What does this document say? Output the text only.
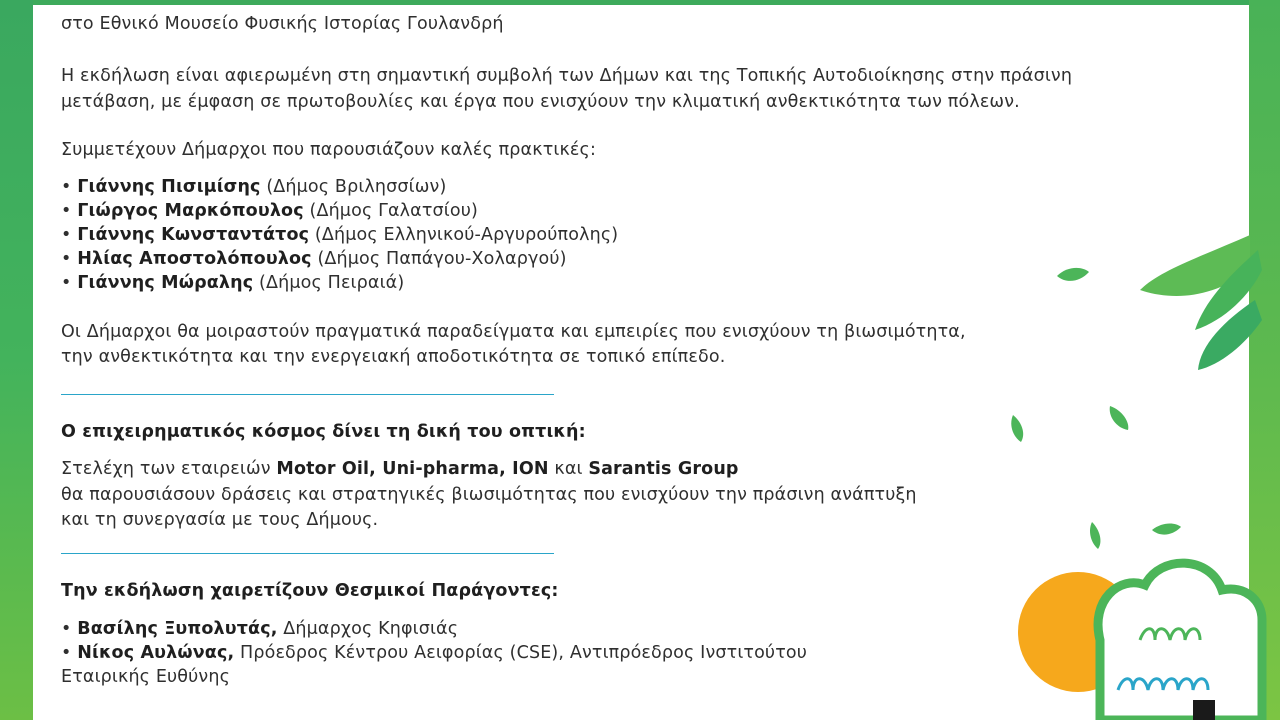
στο Εθνικό Μουσείο Φυσικής Ιστορίας Γουλανδρή
Η εκδήλωση είναι αφιερωμένη στη σημαντική συμβολή των Δήμων και της Τοπικής Αυτοδιοίκησης στην πράσινη
μετάβαση, με έμφαση σε πρωτοβουλίες και έργα που ενισχύουν την κλιματική ανθεκτικότητα των πόλεων.
Συμμετέχουν Δήμαρχοι που παρουσιάζουν καλές πρακτικές:
• Γιάννης Πισιμίσης (Δήμος Βριλησσίων)
• Γιώργος Μαρκόπουλος (Δήμος Γαλατσίου)
• Γιάννης Κωνσταντάτος (Δήμος Ελληνικού-Αργυρούπολης)
• Ηλίας Αποστολόπουλος (Δήμος Παπάγου-Χολαργού)
• Γιάννης Μώραλης (Δήμος Πειραιά)
Οι Δήμαρχοι θα μοιραστούν πραγματικά παραδείγματα και εμπειρίες που ενισχύουν τη βιωσιμότητα,
την ανθεκτικότητα και την ενεργειακή αποδοτικότητα σε τοπικό επίπεδο.
Ο επιχειρηματικός κόσμος δίνει τη δική του οπτική:
Στελέχη των εταιρειών Motor Oil, Uni-pharma, ION και Sarantis Group
θα παρουσιάσουν δράσεις και στρατηγικές βιωσιμότητας που ενισχύουν την πράσινη ανάπτυξη
και τη συνεργασία με τους Δήμους.
Την εκδήλωση χαιρετίζουν Θεσμικοί Παράγοντες:
• Βασίλης Ξυπολυτάς, Δήμαρχος Κηφισιάς
• Νίκος Αυλώνας, Πρόεδρος Κέντρου Αειφορίας (CSE), Αντιπρόεδρος Ινστιτούτου
Εταιρικής Ευθύνης
